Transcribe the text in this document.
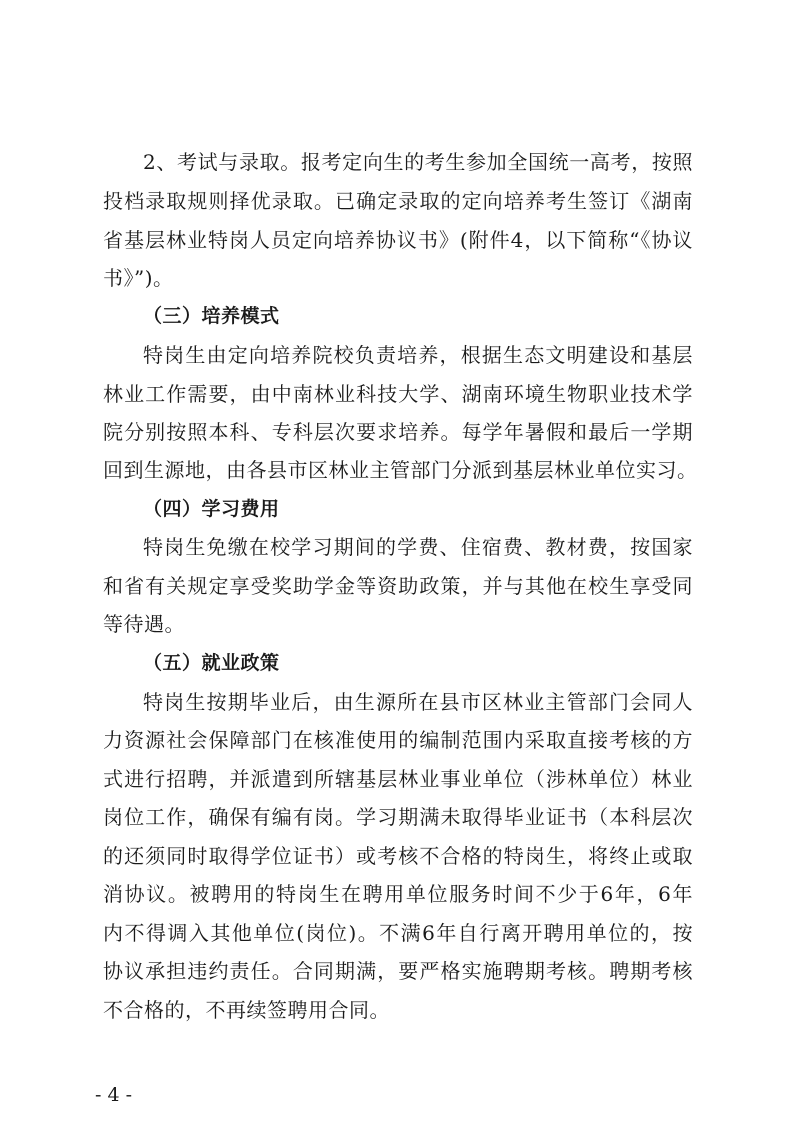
2、考试与录取。报考定向生的考生参加全国统一高考，按照
投档录取规则择优录取。已确定录取的定向培养考生签订《湖南
省基层林业特岗人员定向培养协议书》(附件4，以下简称“《协议
书》”)。
（三）培养模式
特岗生由定向培养院校负责培养，根据生态文明建设和基层
林业工作需要，由中南林业科技大学、湖南环境生物职业技术学
院分别按照本科、专科层次要求培养。每学年暑假和最后一学期
回到生源地，由各县市区林业主管部门分派到基层林业单位实习。
（四）学习费用
特岗生免缴在校学习期间的学费、住宿费、教材费，按国家
和省有关规定享受奖助学金等资助政策，并与其他在校生享受同
等待遇。
（五）就业政策
特岗生按期毕业后，由生源所在县市区林业主管部门会同人
力资源社会保障部门在核准使用的编制范围内采取直接考核的方
式进行招聘，并派遣到所辖基层林业事业单位（涉林单位）林业
岗位工作，确保有编有岗。学习期满未取得毕业证书（本科层次
的还须同时取得学位证书）或考核不合格的特岗生，将终止或取
消协议。被聘用的特岗生在聘用单位服务时间不少于6年，6年
内不得调入其他单位(岗位)。不满6年自行离开聘用单位的，按
协议承担违约责任。合同期满，要严格实施聘期考核。聘期考核
不合格的，不再续签聘用合同。
- 4 -
